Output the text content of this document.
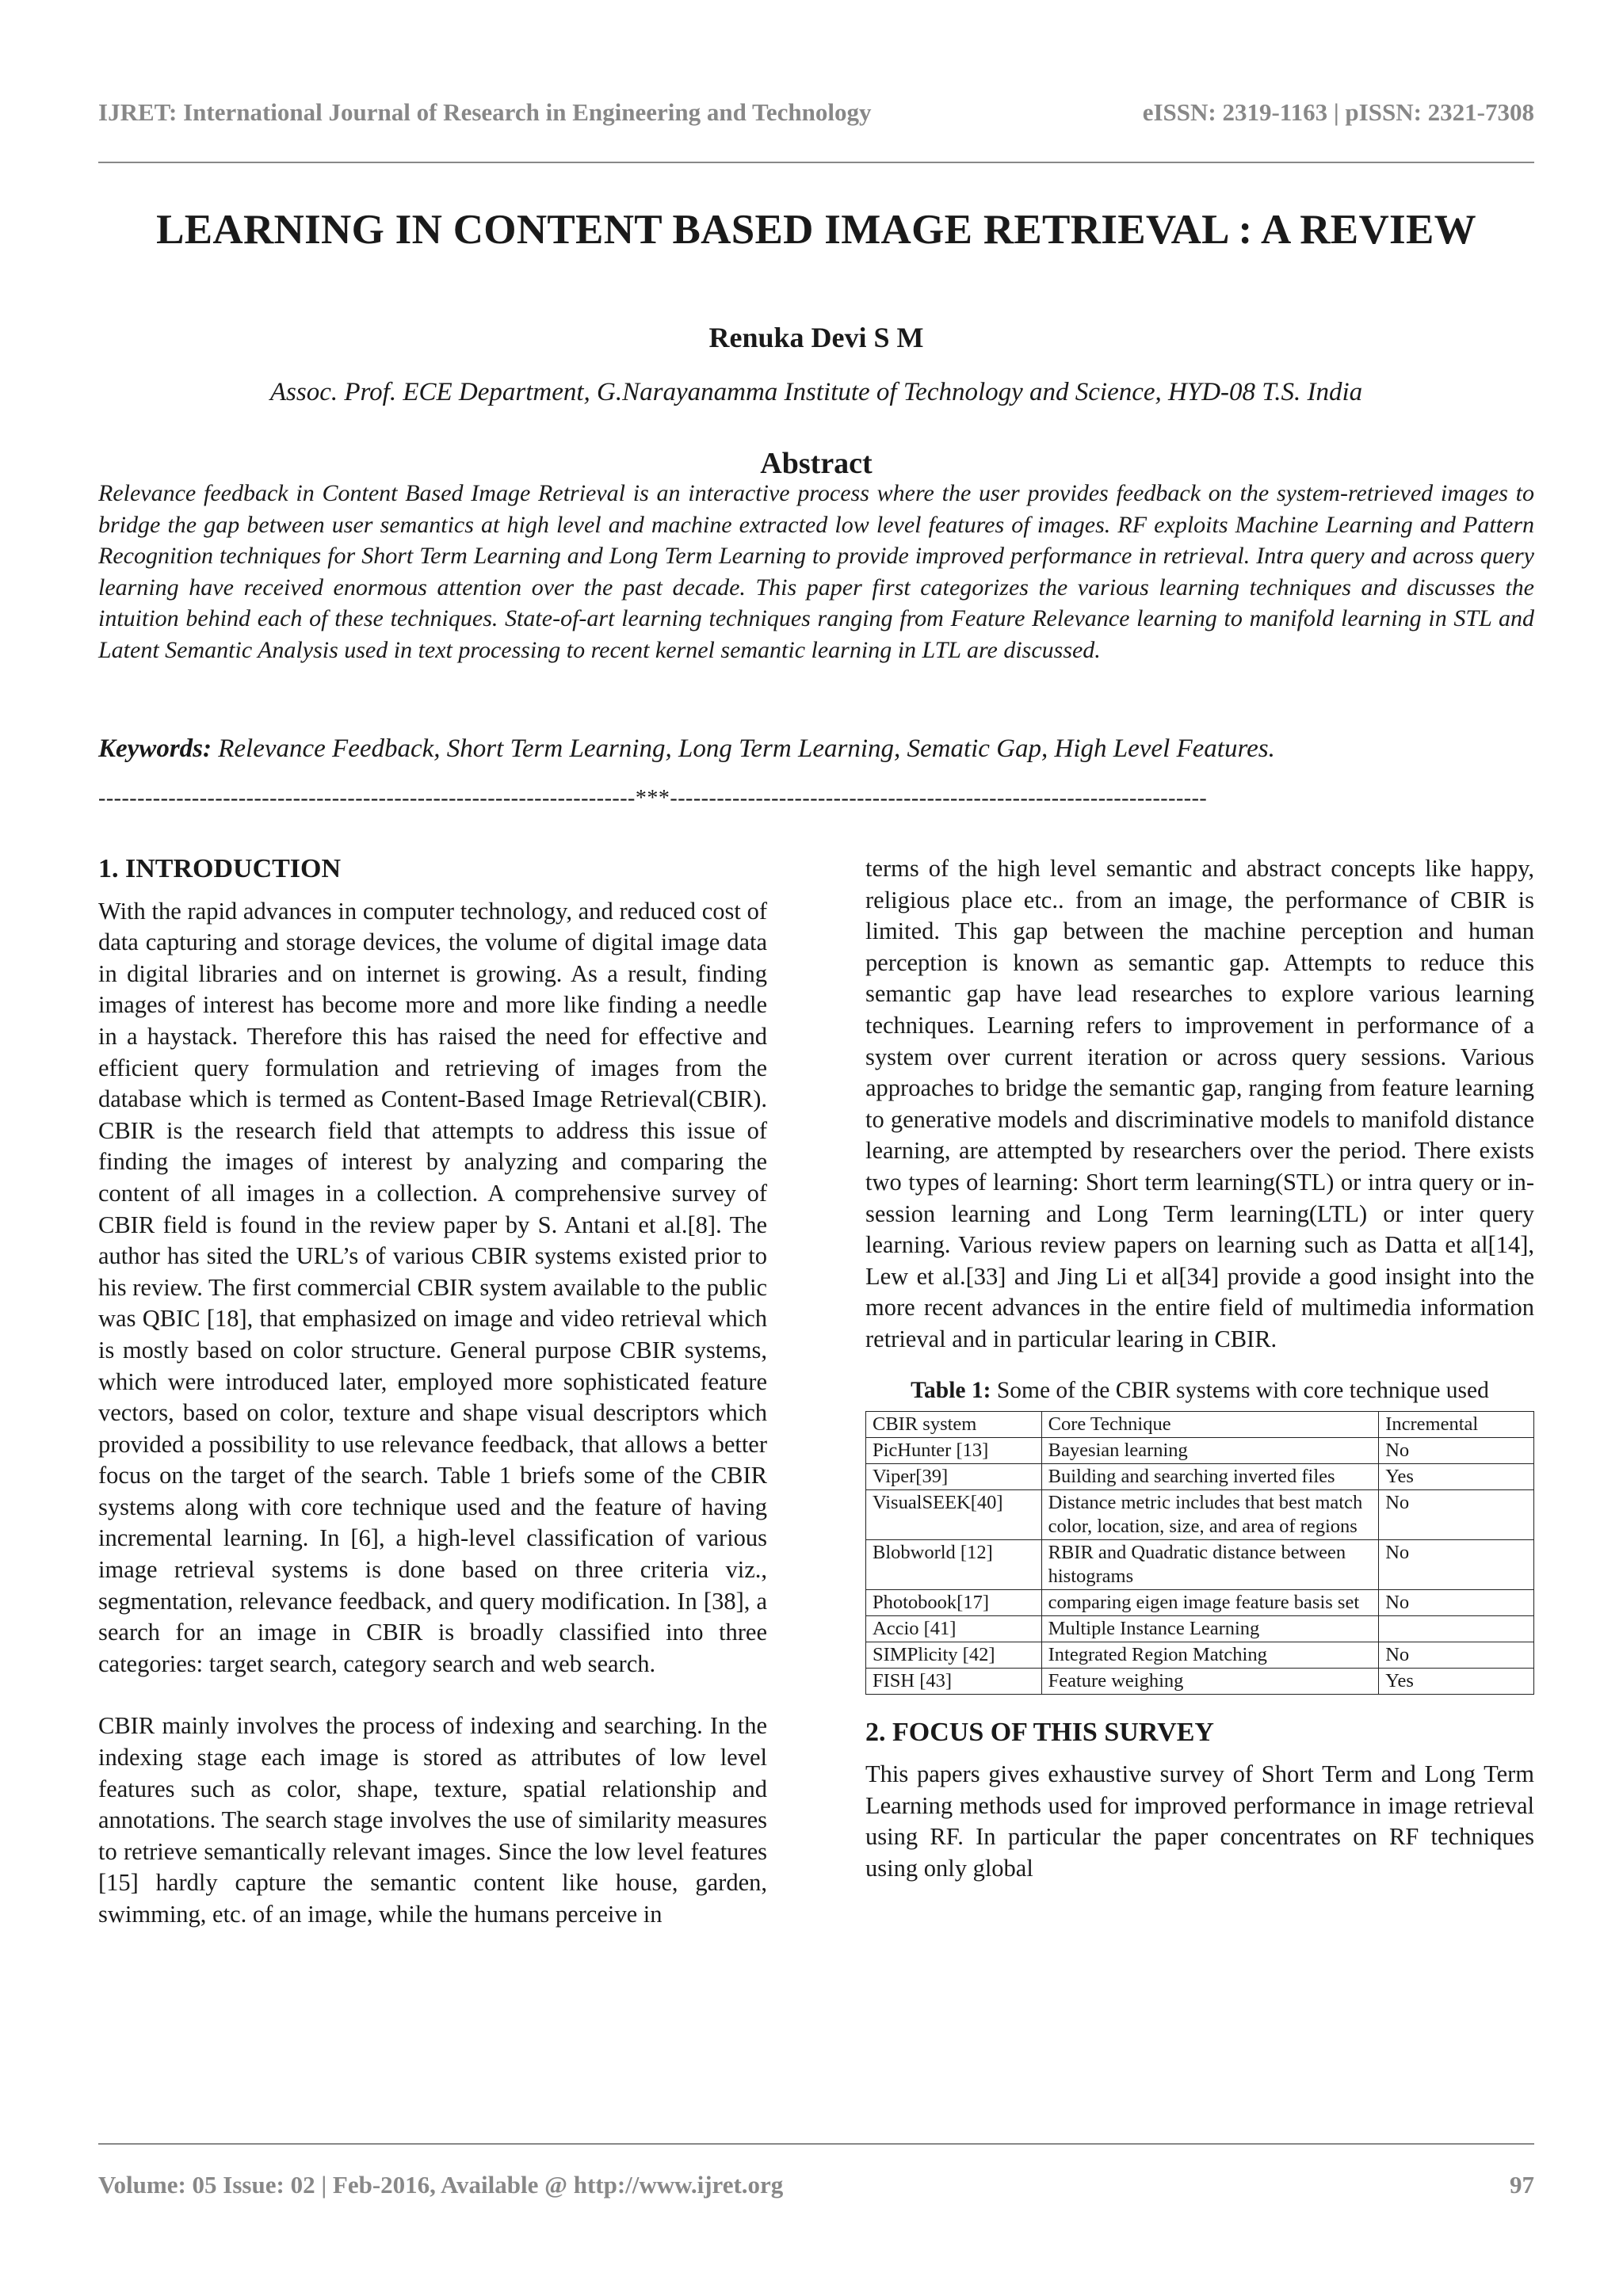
IJRET: International Journal of Research in Engineering and Technology	eISSN: 2319-1163 | pISSN: 2321-7308
LEARNING IN CONTENT BASED IMAGE RETRIEVAL : A REVIEW
Renuka Devi S M
Assoc. Prof. ECE Department, G.Narayanamma Institute of Technology and Science, HYD-08 T.S. India
Abstract
Relevance feedback in Content Based Image Retrieval is an interactive process where the user provides feedback on the system-retrieved images to bridge the gap between user semantics at high level and machine extracted low level features of images. RF exploits Machine Learning and Pattern Recognition techniques for Short Term Learning and Long Term Learning to provide improved performance in retrieval. Intra query and across query learning have received enormous attention over the past decade. This paper first categorizes the various learning techniques and discusses the intuition behind each of these techniques. State-of-art learning techniques ranging from Feature Relevance learning to manifold learning in STL and Latent Semantic Analysis used in text processing to recent kernel semantic learning in LTL are discussed.
Keywords: Relevance Feedback, Short Term Learning, Long Term Learning, Sematic Gap, High Level Features.
---------------------------------------------------------------------***---------------------------------------------------------------------
1. INTRODUCTION

With the rapid advances in computer technology, and reduced cost of data capturing and storage devices, the volume of digital image data in digital libraries and on internet is growing. As a result, finding images of interest has become more and more like finding a needle in a haystack. Therefore this has raised the need for effective and efficient query formulation and retrieving of images from the database which is termed as Content-Based Image Retrieval(CBIR). CBIR is the research field that attempts to address this issue of finding the images of interest by analyzing and comparing the content of all images in a collection. A comprehensive survey of CBIR field is found in the review paper by S. Antani et al.[8]. The author has sited the URL’s of various CBIR systems existed prior to his review. The first commercial CBIR system available to the public was QBIC [18], that emphasized on image and video retrieval which is mostly based on color structure. General purpose CBIR systems, which were introduced later, employed more sophisticated feature vectors, based on color, texture and shape visual descriptors which provided a possibility to use relevance feedback, that allows a better focus on the target of the search. Table 1 briefs some of the CBIR systems along with core technique used and the feature of having incremental learning. In [6], a high-level classification of various image retrieval systems is done based on three criteria viz., segmentation, relevance feedback, and query modification. In [38], a search for an image in CBIR is broadly classified into three categories: target search, category search and web search.

CBIR mainly involves the process of indexing and searching. In the indexing stage each image is stored as attributes of low level features such as color, shape, texture, spatial relationship and annotations. The search stage involves the use of similarity measures to retrieve semantically relevant images. Since the low level features [15] hardly capture the semantic content like house, garden, swimming, etc. of an image, while the humans perceive in

terms of the high level semantic and abstract concepts like happy, religious place etc.. from an image, the performance of CBIR is limited. This gap between the machine perception and human perception is known as semantic gap. Attempts to reduce this semantic gap have lead researches to explore various learning techniques. Learning refers to improvement in performance of a system over current iteration or across query sessions. Various approaches to bridge the semantic gap, ranging from feature learning to generative models and discriminative models to manifold distance learning, are attempted by researchers over the period. There exists two types of learning: Short term learning(STL) or intra query or in-session learning and Long Term learning(LTL) or inter query learning. Various review papers on learning such as Datta et al[14], Lew et al.[33] and Jing Li et al[34] provide a good insight into the more recent advances in the entire field of multimedia information retrieval and in particular learing in CBIR.

Table 1: Some of the CBIR systems with core technique used
CBIR system	Core Technique	Incremental
PicHunter [13]	Bayesian learning	No
Viper[39]	Building and searching inverted files	Yes
VisualSEEK[40]	Distance metric includes that best match color, location, size, and area of regions	No
Blobworld [12]	RBIR and Quadratic distance between histograms	No
Photobook[17]	comparing eigen image feature basis set	No
Accio [41]	Multiple Instance Learning	
SIMPlicity [42]	Integrated Region Matching	No
FISH [43]	Feature weighing	Yes
2. FOCUS OF THIS SURVEY

This papers gives exhaustive survey of Short Term and Long Term Learning methods used for improved performance in image retrieval using RF. In particular the paper concentrates on RF techniques using only global

Volume: 05 Issue: 02 | Feb-2016, Available @ http://www.ijret.org	97
